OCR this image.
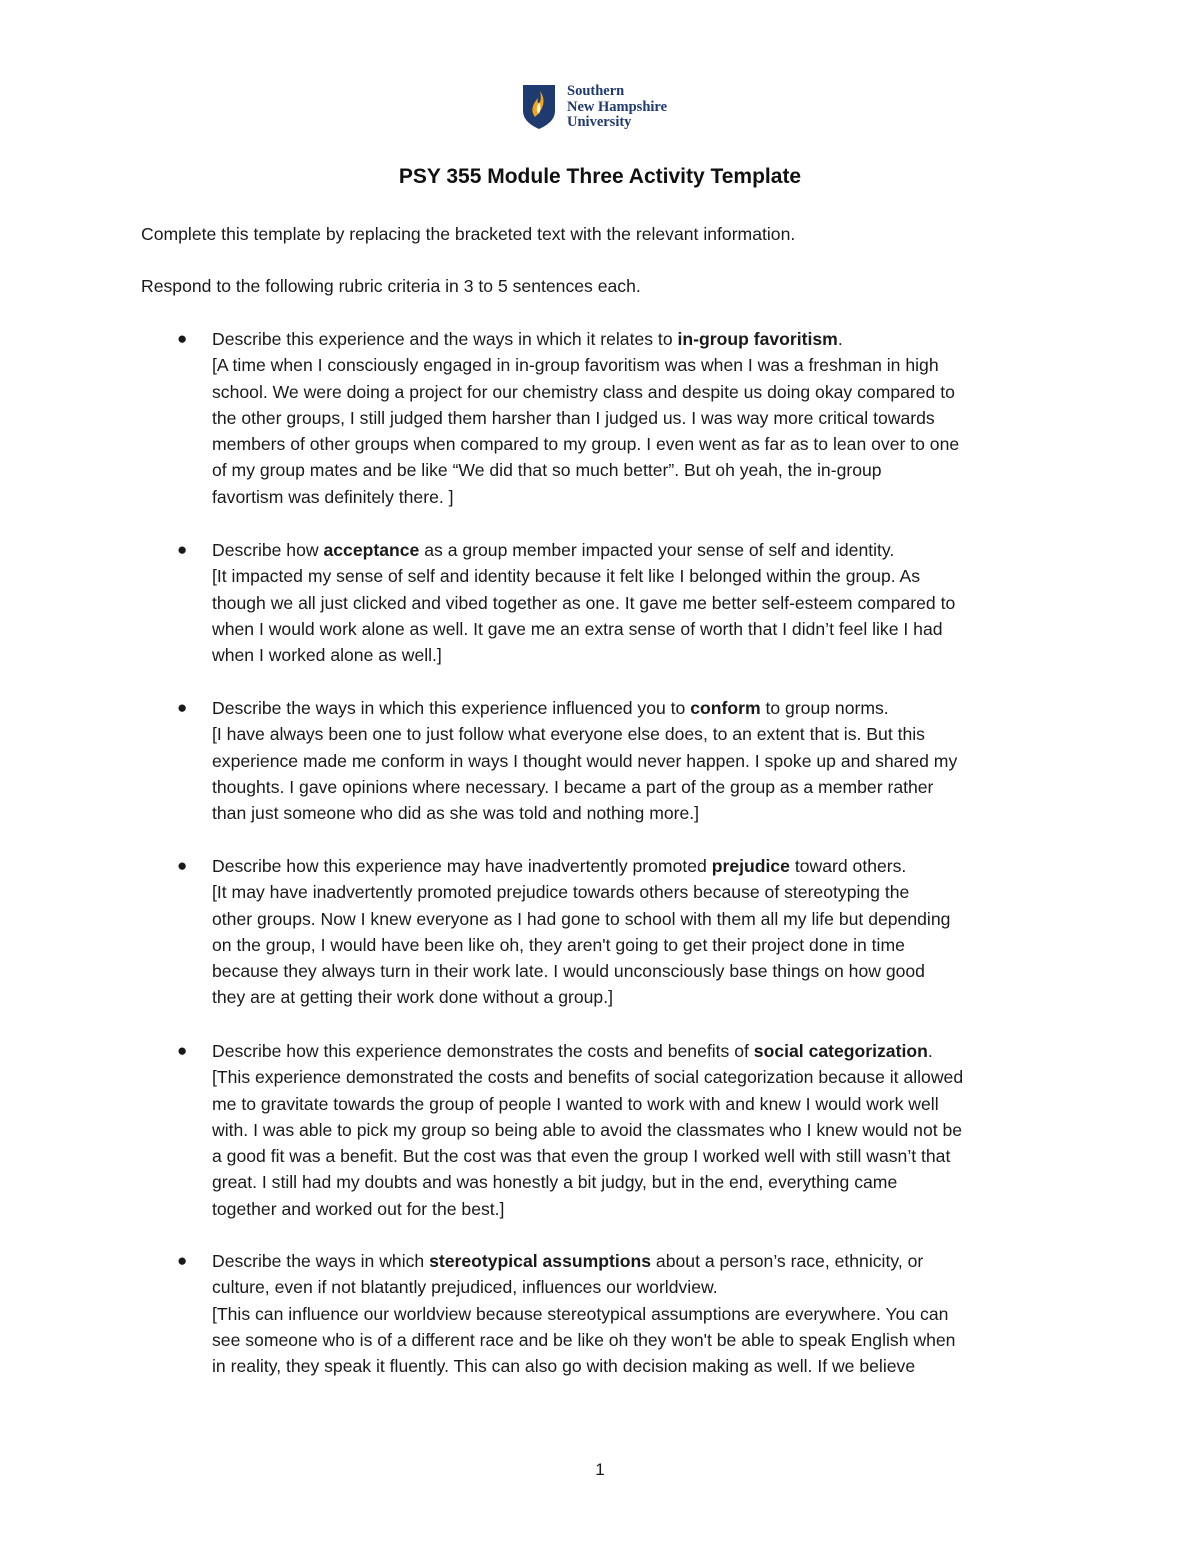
Southern
New Hampshire
University
PSY 355 Module Three Activity Template
Complete this template by replacing the bracketed text with the relevant information.
Respond to the following rubric criteria in 3 to 5 sentences each.
● Describe this experience and the ways in which it relates to in-group favoritism.
[A time when I consciously engaged in in-group favoritism was when I was a freshman in high
school. We were doing a project for our chemistry class and despite us doing okay compared to
the other groups, I still judged them harsher than I judged us. I was way more critical towards
members of other groups when compared to my group. I even went as far as to lean over to one
of my group mates and be like “We did that so much better”. But oh yeah, the in-group
favortism was definitely there. ]
● Describe how acceptance as a group member impacted your sense of self and identity.
[It impacted my sense of self and identity because it felt like I belonged within the group. As
though we all just clicked and vibed together as one. It gave me better self-esteem compared to
when I would work alone as well. It gave me an extra sense of worth that I didn’t feel like I had
when I worked alone as well.]
● Describe the ways in which this experience influenced you to conform to group norms.
[I have always been one to just follow what everyone else does, to an extent that is. But this
experience made me conform in ways I thought would never happen. I spoke up and shared my
thoughts. I gave opinions where necessary. I became a part of the group as a member rather
than just someone who did as she was told and nothing more.]
● Describe how this experience may have inadvertently promoted prejudice toward others.
[It may have inadvertently promoted prejudice towards others because of stereotyping the
other groups. Now I knew everyone as I had gone to school with them all my life but depending
on the group, I would have been like oh, they aren't going to get their project done in time
because they always turn in their work late. I would unconsciously base things on how good
they are at getting their work done without a group.]
● Describe how this experience demonstrates the costs and benefits of social categorization.
[This experience demonstrated the costs and benefits of social categorization because it allowed
me to gravitate towards the group of people I wanted to work with and knew I would work well
with. I was able to pick my group so being able to avoid the classmates who I knew would not be
a good fit was a benefit. But the cost was that even the group I worked well with still wasn’t that
great. I still had my doubts and was honestly a bit judgy, but in the end, everything came
together and worked out for the best.]
● Describe the ways in which stereotypical assumptions about a person’s race, ethnicity, or
culture, even if not blatantly prejudiced, influences our worldview.
[This can influence our worldview because stereotypical assumptions are everywhere. You can
see someone who is of a different race and be like oh they won't be able to speak English when
in reality, they speak it fluently. This can also go with decision making as well. If we believe
1
